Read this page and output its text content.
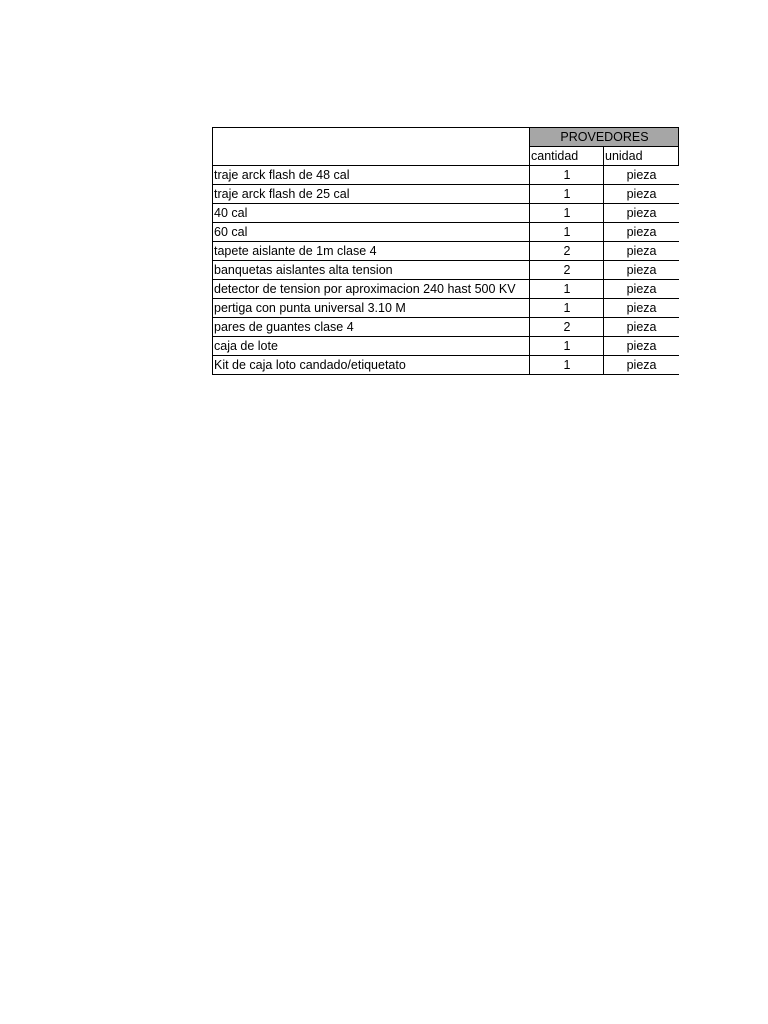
	PROVEDORES	
	cantidad	unidad
traje arck flash de 48 cal	1	pieza
traje arck flash de 25 cal	1	pieza
40 cal	1	pieza
60 cal	1	pieza
tapete aislante de 1m clase 4	2	pieza
banquetas aislantes alta tension	2	pieza
detector de tension por aproximacion 240 hast 500 KV	1	pieza
pertiga con punta universal 3.10 M	1	pieza
pares de guantes clase 4	2	pieza
caja de lote	1	pieza
Kit de caja loto candado/etiquetato	1	pieza
